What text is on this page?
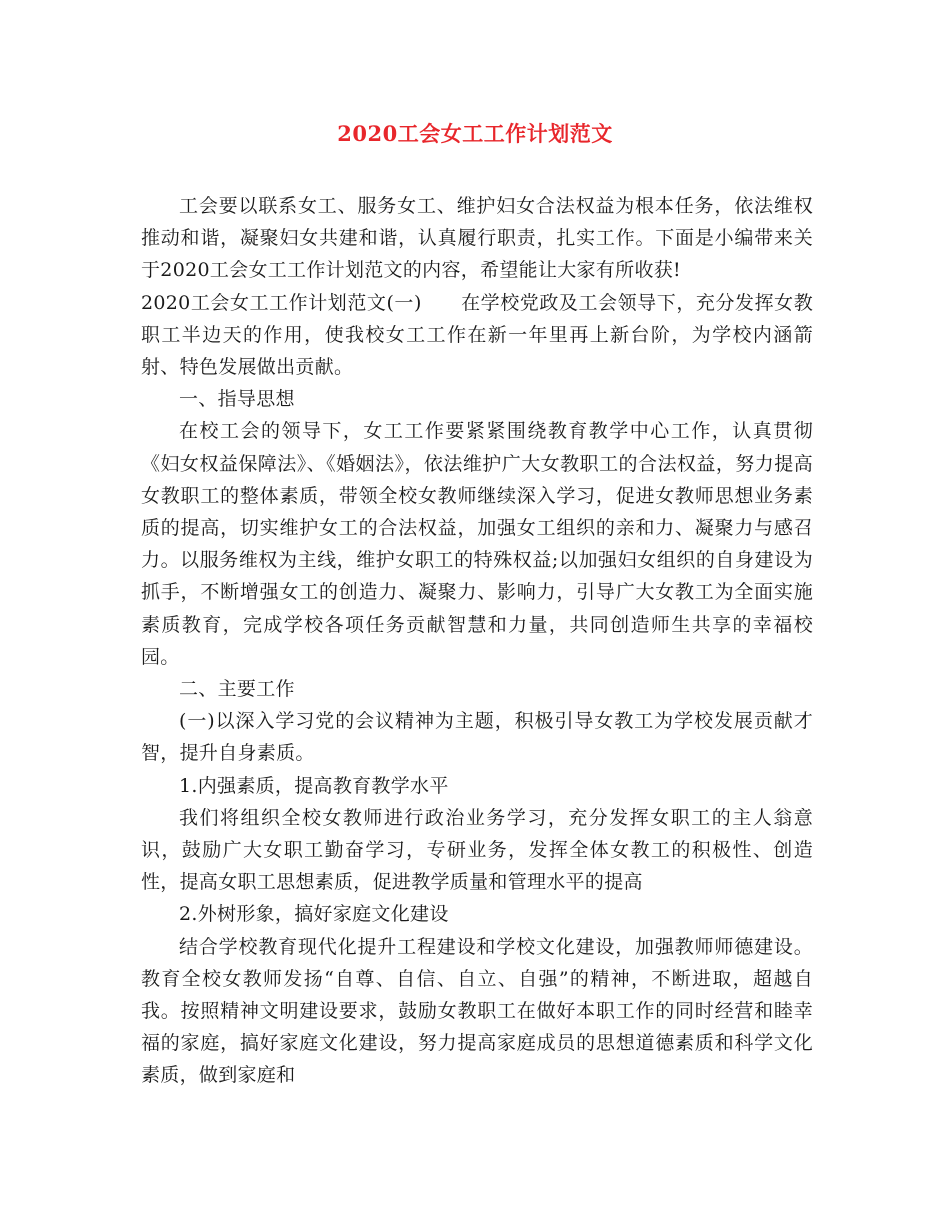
2020工会女工工作计划范文

工会要以联系女工、服务女工、维护妇女合法权益为根本任务，依法维权推动和谐，凝聚妇女共建和谐，认真履行职责，扎实工作。下面是小编带来关于2020工会女工工作计划范文的内容，希望能让大家有所收获!

2020工会女工工作计划范文(一)　　在学校党政及工会领导下，充分发挥女教职工半边天的作用，使我校女工工作在新一年里再上新台阶，为学校内涵箭射、特色发展做出贡献。

一、指导思想

在校工会的领导下，女工工作要紧紧围绕教育教学中心工作，认真贯彻《妇女权益保障法》、《婚姻法》，依法维护广大女教职工的合法权益，努力提高女教职工的整体素质，带领全校女教师继续深入学习，促进女教师思想业务素质的提高，切实维护女工的合法权益，加强女工组织的亲和力、凝聚力与感召力。以服务维权为主线，维护女职工的特殊权益;以加强妇女组织的自身建设为抓手，不断增强女工的创造力、凝聚力、影响力，引导广大女教工为全面实施素质教育，完成学校各项任务贡献智慧和力量，共同创造师生共享的幸福校园。

二、主要工作

(一)以深入学习党的会议精神为主题，积极引导女教工为学校发展贡献才智，提升自身素质。

1.内强素质，提高教育教学水平

我们将组织全校女教师进行政治业务学习，充分发挥女职工的主人翁意识，鼓励广大女职工勤奋学习，专研业务，发挥全体女教工的积极性、创造性，提高女职工思想素质，促进教学质量和管理水平的提高

2.外树形象，搞好家庭文化建设

结合学校教育现代化提升工程建设和学校文化建设，加强教师师德建设。教育全校女教师发扬“自尊、自信、自立、自强”的精神，不断进取，超越自我。按照精神文明建设要求，鼓励女教职工在做好本职工作的同时经营和睦幸福的家庭，搞好家庭文化建设，努力提高家庭成员的思想道德素质和科学文化素质，做到家庭和
